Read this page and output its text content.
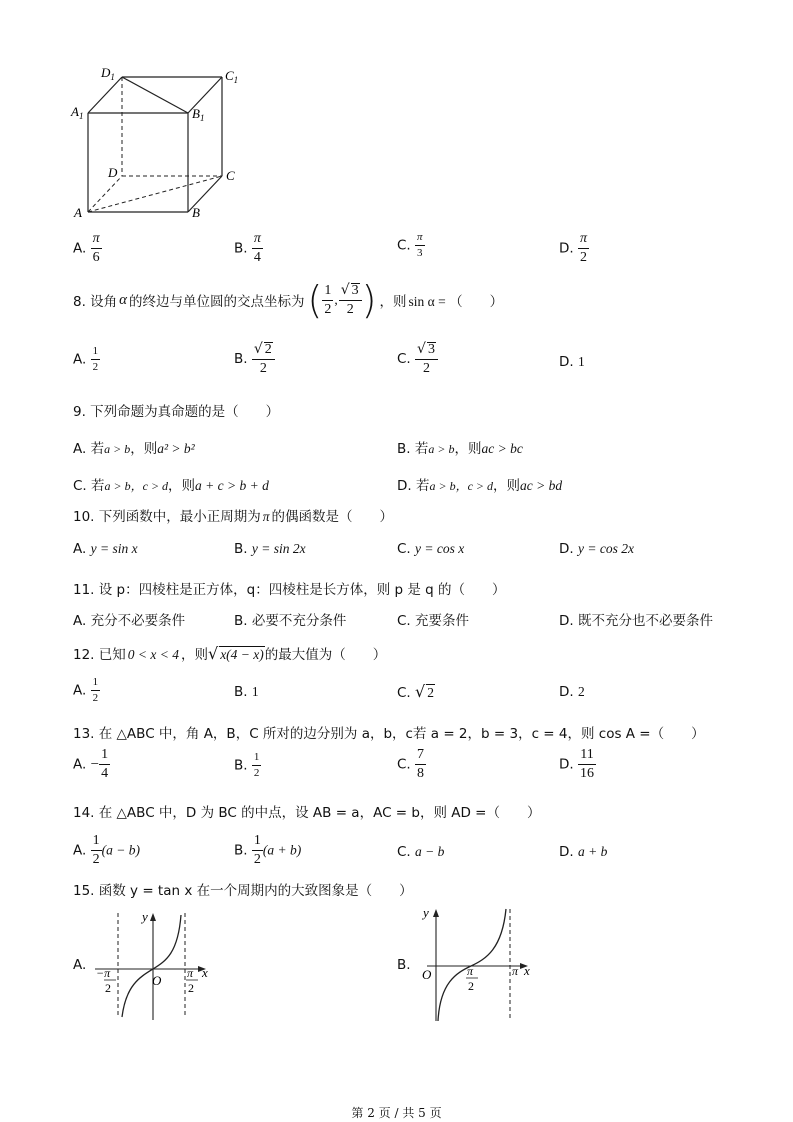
$D_1$	$C_1$
$A_1$	$B_1$
D	C
A	B
A. $\frac{\pi}{6}$	B. $\frac{\pi}{4}$	C. $\frac{\pi}{3}$	D. $\frac{\pi}{2}$
8. 设角 α 的终边与单位圆的交点坐标为 ( $\frac{1}{2}$ , $\frac{√ 3}{2}$ ) ，则 sin α = （　　）
A. $\frac{1}{2}$	B. $\frac{√ 2}{2}$	C. $\frac{√ 3}{2}$	D. 1
9. 下列命题为真命题的是（　　）
A. 若a > b，则a² > b²	B. 若a > b，则ac > bc
C. 若a > b，c > d，则a + c > b + d	D. 若a > b，c > d，则ac > bd
10. 下列函数中，最小正周期为 π 的偶函数是（　　）
A. y = sin x	B. y = sin 2x	C. y = cos x	D. y = cos 2x
11. 设 p：四棱柱是正方体，q：四棱柱是长方体，则 p 是 q 的（　　）
A. 充分不必要条件	B. 必要不充分条件	C. 充要条件	D. 既不充分也不必要条件
12. 已知 0 < x < 4 ，则√ x(4 − x)的最大值为（　　）
A. $\frac{1}{2}$	B. 1	C. √ 2	D. 2
13. 在 △ABC 中，角 A，B，C 所对的边分别为 a，b，c若 a = 2，b = 3，c = 4，则 cos A =（　　）
A. − $\frac{1}{4}$	B. $\frac{1}{2}$	C. $\frac{7}{8}$	D. $\frac{11}{16}$
14. 在 △ABC 中，D 为 BC 的中点，设 AB = a，AC = b，则 AD =（　　）
A. $\frac{1}{2} (a - b)$	B. $\frac{1}{2} (a + b)$	C. a − b	D. a + b
15. 函数 y = tan x 在一个周期内的大致图象是（　　）
A.
y
x
O
−π
2
π
2
B.
y
x
O	π
2
π
第 2 页 / 共 5 页
